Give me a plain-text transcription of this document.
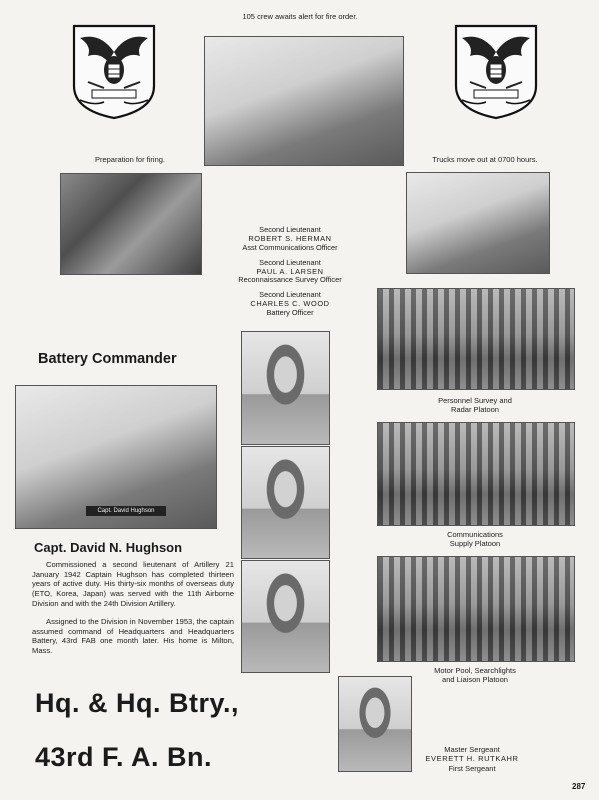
105 crew awaits alert for fire order.
Preparation for firing.	Trucks move out at 0700 hours.
Second Lieutenant
ROBERT S. HERMAN
Asst Communications Officer
Second Lieutenant
PAUL A. LARSEN
Reconnaissance Survey Officer
Second Lieutenant
CHARLES C. WOOD
Battery Officer
Personnel Survey and
Radar Platoon
Communications
Supply Platoon
Motor Pool, Searchlights
and Liaison Platoon
Battery Commander
Capt. David Hughson
Capt. David N. Hughson
Commissioned a second lieutenant of Artillery 21 January 1942 Captain Hughson has completed thirteen years of active duty. His thirty-six months of overseas duty (ETO, Korea, Japan) was served with the 11th Airborne Division and with the 24th Division Artillery.
Assigned to the Division in November 1953, the captain assumed command of Headquarters and Headquarters Battery, 43rd FAB one month later. His home is Milton, Mass.
Hq. & Hq. Btry.,
43rd F. A. Bn.	Master Sergeant
EVERETT H. RUTKAHR
First Sergeant
287
